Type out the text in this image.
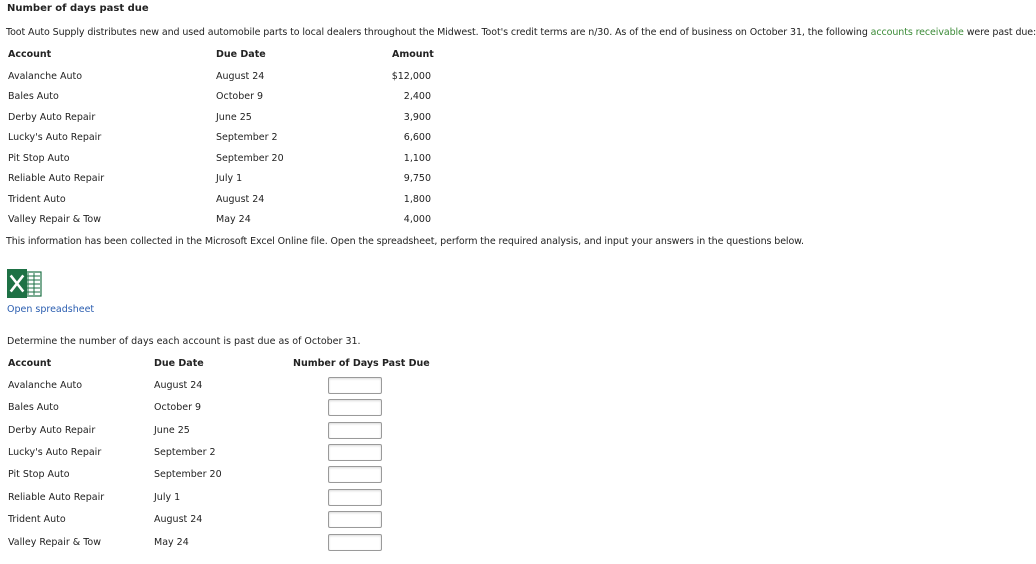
Number of days past due
Toot Auto Supply distributes new and used automobile parts to local dealers throughout the Midwest. Toot's credit terms are n/30. As of the end of business on October 31, the following accounts receivable were past due:
Account	Due Date	Amount
Avalanche Auto	August 24	$12,000
Bales Auto	October 9	2,400
Derby Auto Repair	June 25	3,900
Lucky's Auto Repair	September 2	6,600
Pit Stop Auto	September 20	1,100
Reliable Auto Repair	July 1	9,750
Trident Auto	August 24	1,800
Valley Repair & Tow	May 24	4,000
This information has been collected in the Microsoft Excel Online file. Open the spreadsheet, perform the required analysis, and input your answers in the questions below.
Open spreadsheet
Determine the number of days each account is past due as of October 31.
Account	Due Date	Number of Days Past Due
Avalanche Auto	August 24
Bales Auto	October 9
Derby Auto Repair	June 25
Lucky's Auto Repair	September 2
Pit Stop Auto	September 20
Reliable Auto Repair	July 1
Trident Auto	August 24
Valley Repair & Tow	May 24
